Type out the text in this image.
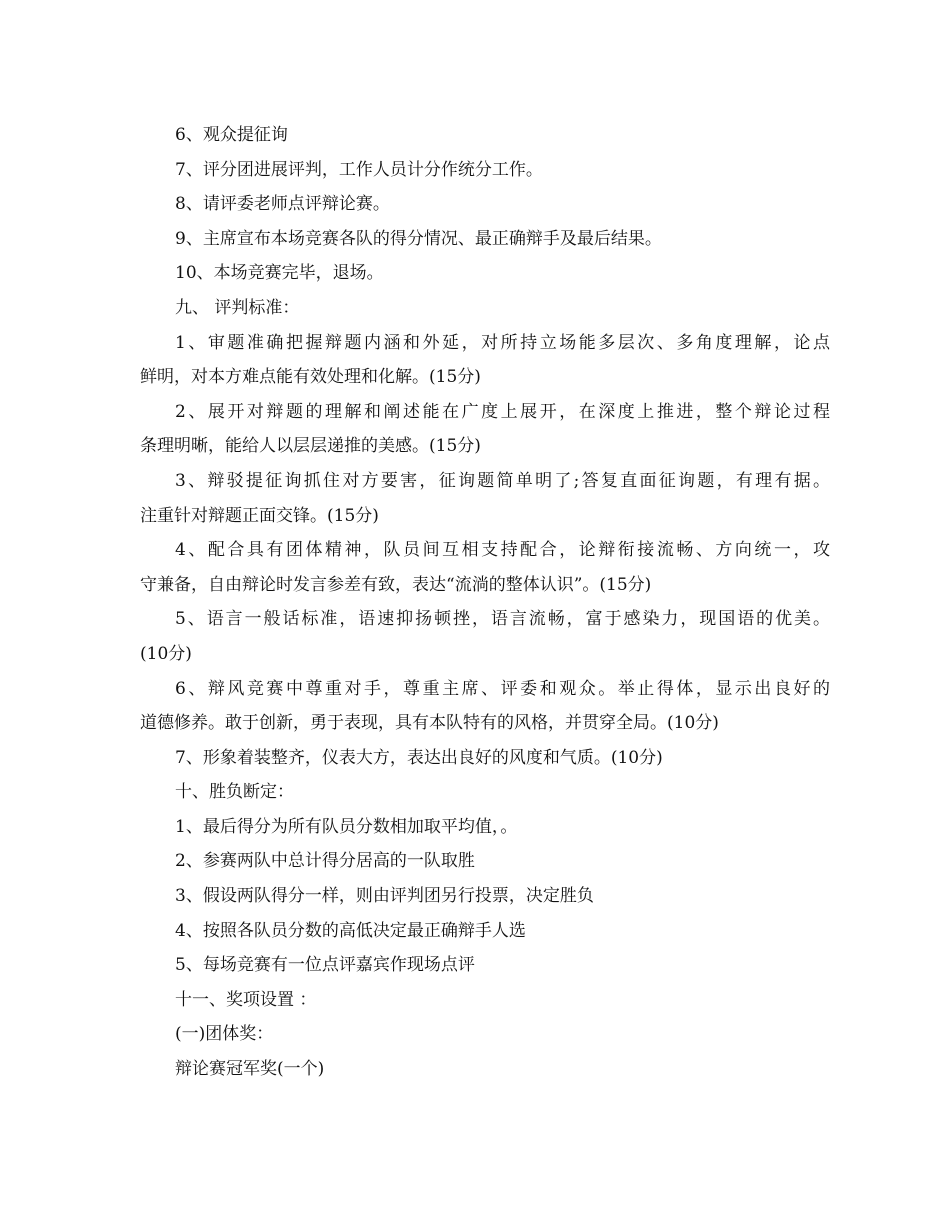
6、观众提征询
7、评分团进展评判，工作人员计分作统分工作。
8、请评委老师点评辩论赛。
9、主席宣布本场竞赛各队的得分情况、最正确辩手及最后结果。
10、本场竞赛完毕，退场。
九、 评判标准：
1、审题准确把握辩题内涵和外延，对所持立场能多层次、多角度理解，论点
鲜明，对本方难点能有效处理和化解。(15分)
2、展开对辩题的理解和阐述能在广度上展开，在深度上推进，整个辩论过程
条理明晰，能给人以层层递推的美感。(15分)
3、辩驳提征询抓住对方要害，征询题简单明了;答复直面征询题，有理有据。
注重针对辩题正面交锋。(15分)
4、配合具有团体精神，队员间互相支持配合，论辩衔接流畅、方向统一，攻
守兼备，自由辩论时发言参差有致，表达“流淌的整体认识”。(15分)
5、语言一般话标准，语速抑扬顿挫，语言流畅，富于感染力，现国语的优美。
(10分)
6、辩风竞赛中尊重对手，尊重主席、评委和观众。举止得体，显示出良好的
道德修养。敢于创新，勇于表现，具有本队特有的风格，并贯穿全局。(10分)
7、形象着装整齐，仪表大方，表达出良好的风度和气质。(10分)
十、胜负断定：
1、最后得分为所有队员分数相加取平均值，。
2、参赛两队中总计得分居高的一队取胜
3、假设两队得分一样，则由评判团另行投票，决定胜负
4、按照各队员分数的高低决定最正确辩手人选
5、每场竞赛有一位点评嘉宾作现场点评
十一、奖项设置 ：
(一)团体奖：
辩论赛冠军奖(一个)
